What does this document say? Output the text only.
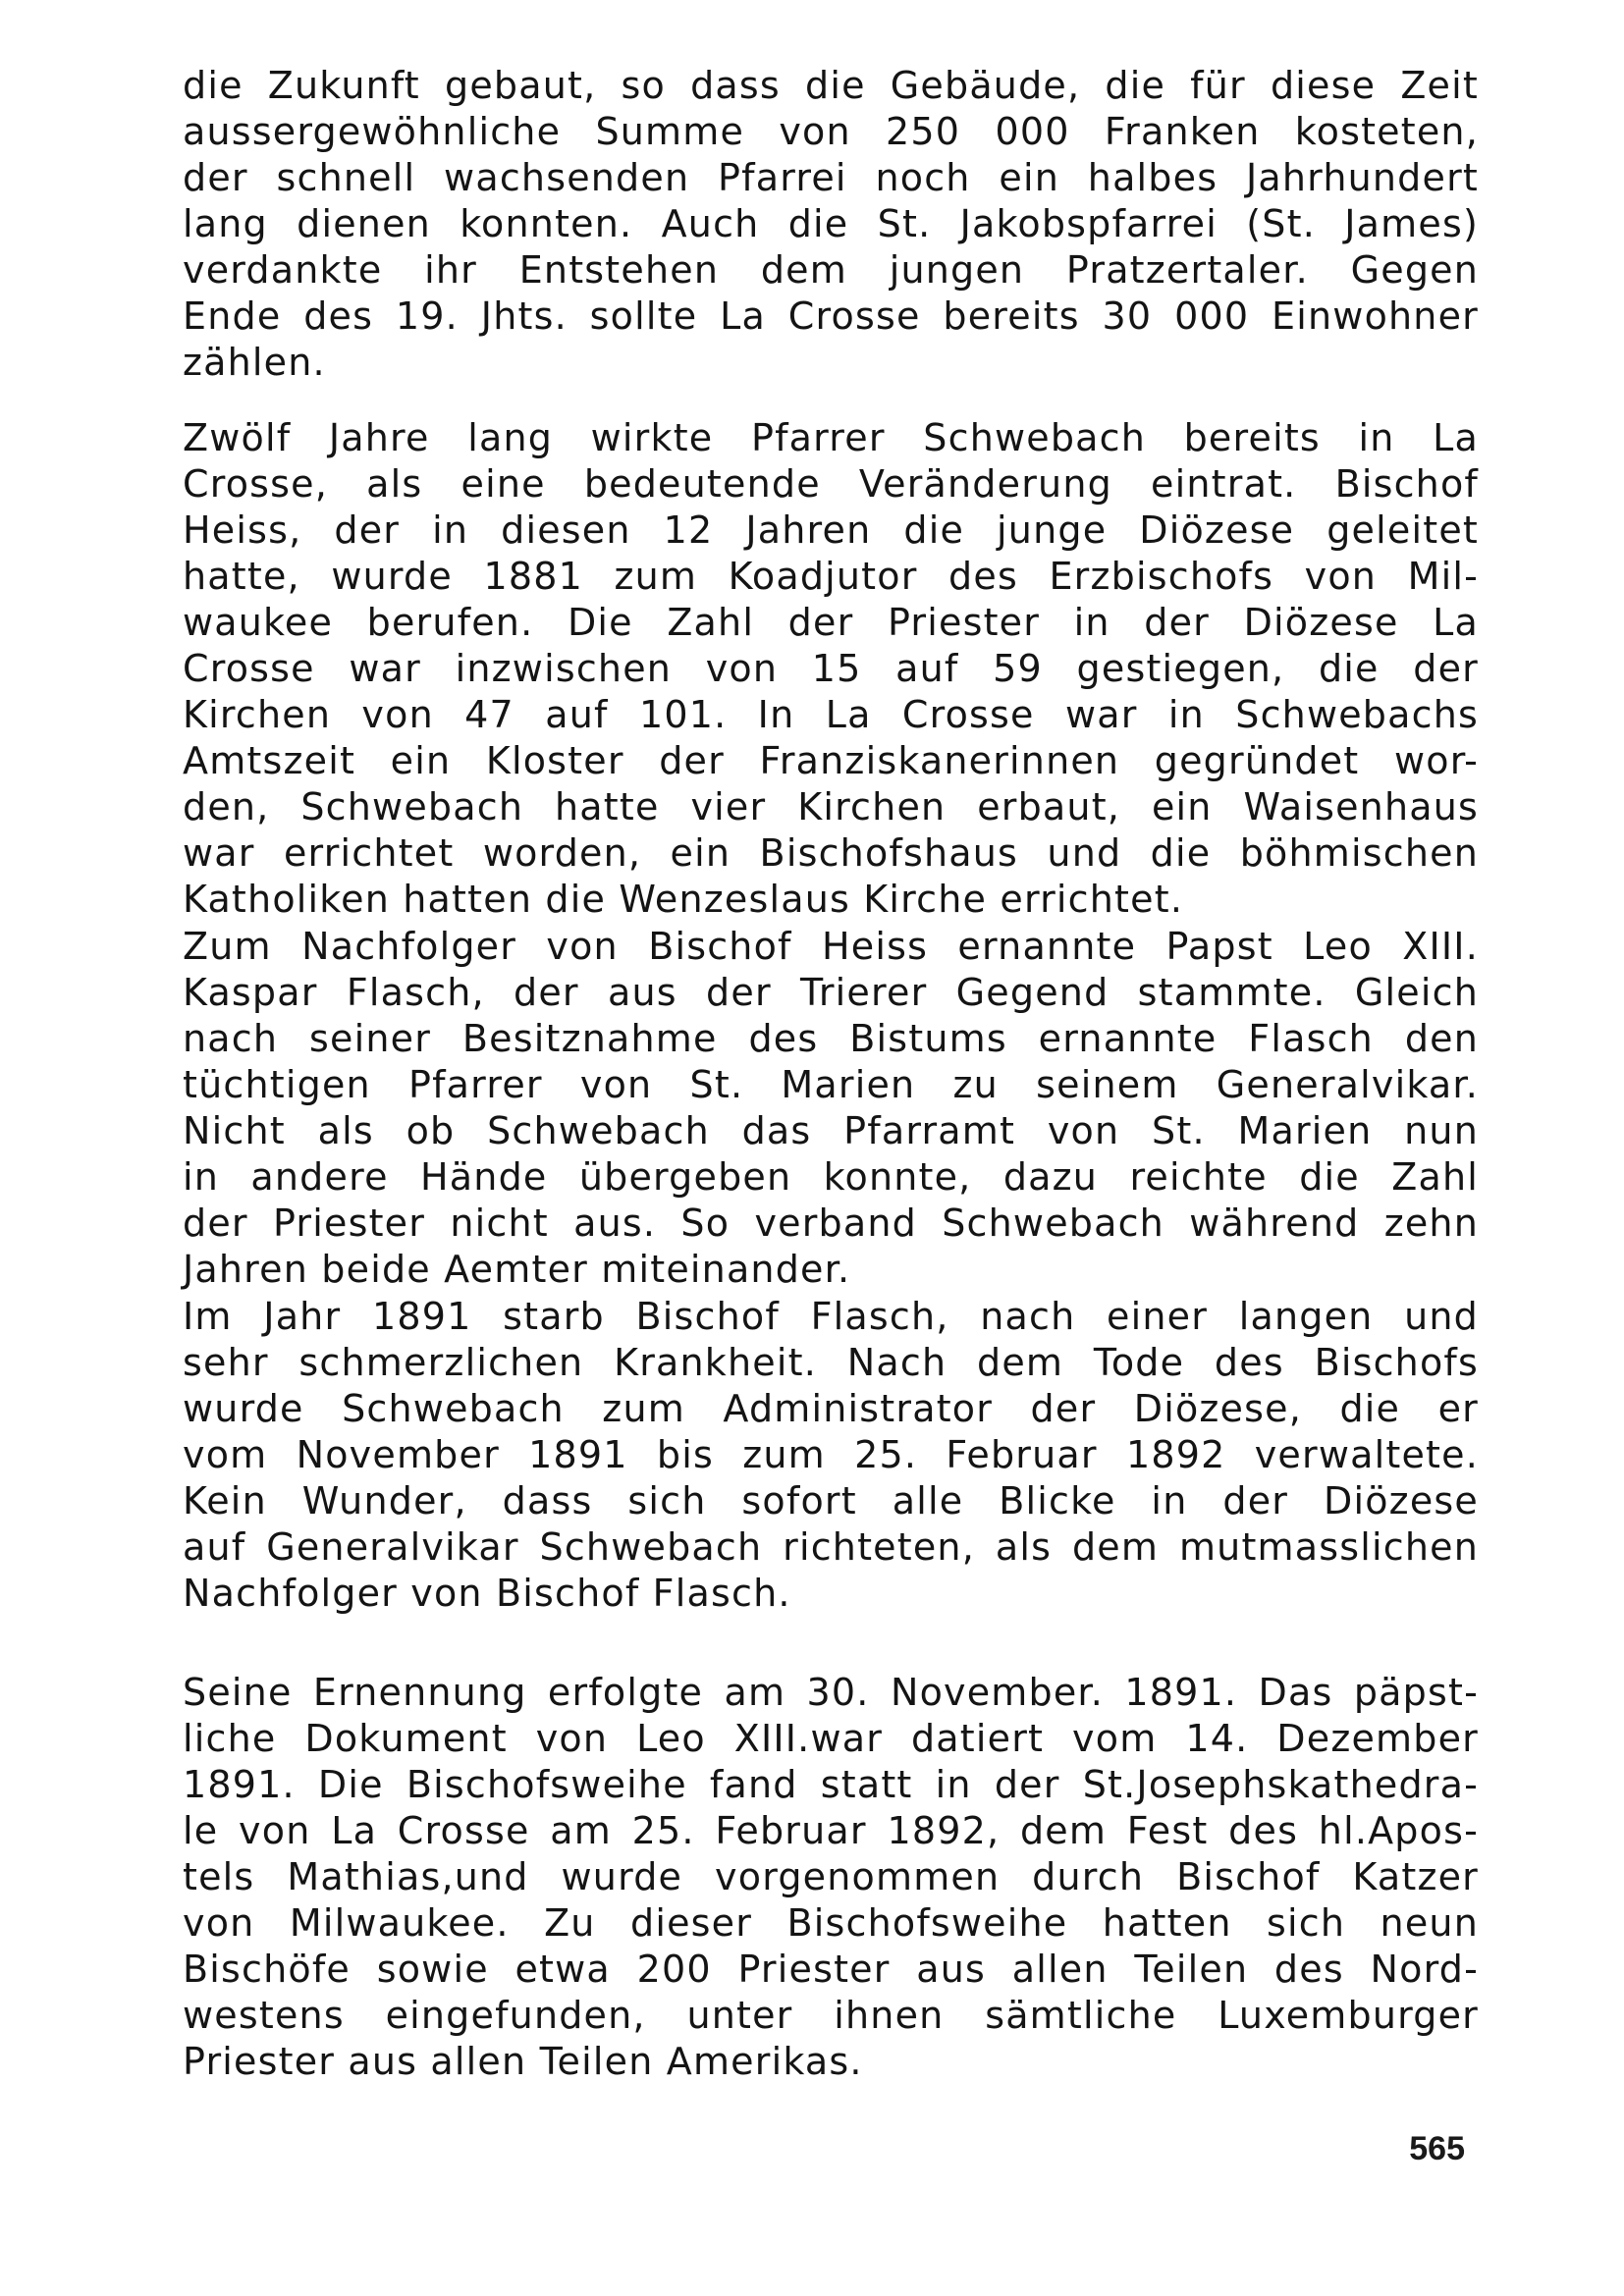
die Zukunft gebaut, so dass die Gebäude, die für diese Zeit
aussergewöhnliche Summe von 250 000 Franken kosteten,
der schnell wachsenden Pfarrei noch ein halbes Jahrhundert
lang dienen konnten. Auch die St. Jakobspfarrei (St. James)
verdankte ihr Entstehen dem jungen Pratzertaler. Gegen
Ende des 19. Jhts. sollte La Crosse bereits 30 000 Einwohner
zählen.
Zwölf Jahre lang wirkte Pfarrer Schwebach bereits in La
Crosse, als eine bedeutende Veränderung eintrat. Bischof
Heiss, der in diesen 12 Jahren die junge Diözese geleitet
hatte, wurde 1881 zum Koadjutor des Erzbischofs von Mil-
waukee berufen. Die Zahl der Priester in der Diözese La
Crosse war inzwischen von 15 auf 59 gestiegen, die der
Kirchen von 47 auf 101. In La Crosse war in Schwebachs
Amtszeit ein Kloster der Franziskanerinnen gegründet wor-
den, Schwebach hatte vier Kirchen erbaut, ein Waisenhaus
war errichtet worden, ein Bischofshaus und die böhmischen
Katholiken hatten die Wenzeslaus Kirche errichtet.
Zum Nachfolger von Bischof Heiss ernannte Papst Leo XIII.
Kaspar Flasch, der aus der Trierer Gegend stammte. Gleich
nach seiner Besitznahme des Bistums ernannte Flasch den
tüchtigen Pfarrer von St. Marien zu seinem Generalvikar.
Nicht als ob Schwebach das Pfarramt von St. Marien nun
in andere Hände übergeben konnte, dazu reichte die Zahl
der Priester nicht aus. So verband Schwebach während zehn
Jahren beide Aemter miteinander.
Im Jahr 1891 starb Bischof Flasch, nach einer langen und
sehr schmerzlichen Krankheit. Nach dem Tode des Bischofs
wurde Schwebach zum Administrator der Diözese, die er
vom November 1891 bis zum 25. Februar 1892 verwaltete.
Kein Wunder, dass sich sofort alle Blicke in der Diözese
auf Generalvikar Schwebach richteten, als dem mutmasslichen
Nachfolger von Bischof Flasch.
Seine Ernennung erfolgte am 30. November. 1891. Das päpst-
liche Dokument von Leo XIII.war datiert vom 14. Dezember
1891. Die Bischofsweihe fand statt in der St.Josephskathedra-
le von La Crosse am 25. Februar 1892, dem Fest des hl.Apos-
tels Mathias,und wurde vorgenommen durch Bischof Katzer
von Milwaukee. Zu dieser Bischofsweihe hatten sich neun
Bischöfe sowie etwa 200 Priester aus allen Teilen des Nord-
westens eingefunden, unter ihnen sämtliche Luxemburger
Priester aus allen Teilen Amerikas.
565
